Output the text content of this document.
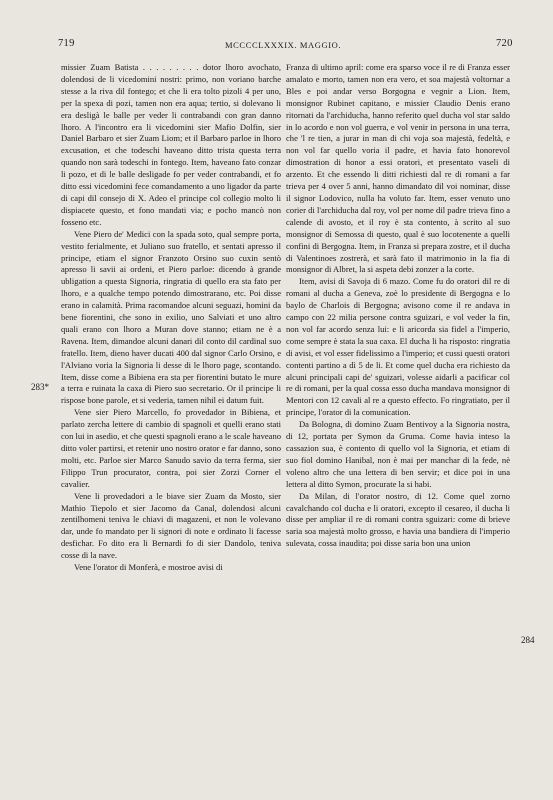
719	MCCCCLXXXIX. MAGGIO.	720
283*
284

missier Zuam Batista . . . . . . . . . dotor lhoro avochato, dolendosi de li vicedomini nostri: primo, non voriano barche stesse a la riva dil fontego; et che li era tolto pizoli 4 per uno, per la spexa di pozi, tamen non era aqua; tertio, si dolevano li era desligà le balle per veder li contrabandi con gran danno lhoro. A l'incontro era li vicedomini sier Mafio Dolfin, sier Daniel Barbaro et sier Zuam Liom; et il Barbaro parloe in lhoro excusation, et che todeschi haveano ditto trista questa terra quando non sarà todeschi in fontego. Item, haveano fato conzar li pozo, et di le balle desligade fo per veder contrabandi, et fo ditto essi vicedomini fece comandamento a uno ligador da parte di capi dil consejo di X. Adeo el principe col collegio molto li dispiacete questo, et fono mandati via; e pocho mancò non fosseno etc.

Vene Piero de' Medici con la spada soto, qual sempre porta, vestito ferialmente, et Juliano suo fratello, et sentati apresso il principe, etiam el signor Franzoto Orsino suo cuxin sentò apresso li savii ai ordeni, et Piero parloe: dicendo à grande ubligation a questa Signoria, ringratia di quello era sta fato per lhoro, e a qualche tempo potendo dimostrarano, etc. Poi disse erano in calamità. Prima racomandoe alcuni seguazi, homini da bene fiorentini, che sono in exilio, uno Salviati et uno altro quali erano con lhoro a Muran dove stanno; etiam ne è a Ravena. Item, dimandoe alcuni danari dil conto dil cardinal suo fratello. Item, dieno haver ducati 400 dal signor Carlo Orsino, e l'Alviano voria la Signoria li desse di le lhoro page, scontando. Item, disse come a Bibiena era sta per fiorentini butato le mure a terra e ruinata la caxa di Piero suo secretario. Or il principe li rispose bone parole, et si vederia, tamen nihil ei datum fuit.

Vene sier Piero Marcello, fo provedador in Bibiena, et parlato zercha lettere di cambio di spagnoli et quelli erano stati con lui in asedio, et che questi spagnoli erano a le scale haveano ditto voler partirsi, et retenir uno nostro orator e far danno, sono molti, etc. Parloe sier Marco Sanudo savio da terra ferma, sier Filippo Trun procurator, contra, poi sier Zorzi Corner el cavalier.

Vene li provedadori a le biave sier Zuam da Mosto, sier Mathio Tiepolo et sier Jacomo da Canal, dolendosi alcuni zentilhomeni teniva le chiavi di magazeni, et non le volevano dar, unde fo mandato per li signori di note e ordinato li facesse desfichar. Fo dito era li Bernardi fo di sier Dandolo, teniva cosse di la nave.

Vene l'orator di Monferà, e mostroe avisi di

Franza di ultimo april: come era sparso voce il re di Franza esser amalato e morto, tamen non era vero, et soa majestà voltornar a Bles e poi andar verso Borgogna e vegnir a Lion. Item, monsignor Rubinet capitano, e missier Claudio Denis erano ritornati da l'archiducha, hanno referito quel ducha vol star saldo in lo acordo e non vol guerra, e vol venir in persona in una terra, che 'l re tien, a jurar in man di chi voja soa majestà, fedeltà, e non vol far quello voria il padre, et havia fato honorevol dimostration di honor a essi oratori, et presentato vaseli di arzento. Et che essendo li ditti richiesti dal re di romani a far trieva per 4 over 5 anni, hanno dimandato dil voi nominar, disse il signor Lodovico, nulla ha voluto far. Item, esser venuto uno corier di l'archiducha dal roy, vol per nome dil padre trieva fino a calende di avosto, et il roy è sta contento, à scrito al suo monsignor di Semossa di questo, qual è suo locotenente a quelli confini di Bergogna. Item, in Franza si prepara zostre, et il ducha di Valentinoes zostrerà, et sarà fato il matrimonio in la fia di monsignor di Albret, la si aspeta debi zonzer a la corte.

Item, avisi di Savoja di 6 mazo. Come fu do oratori dil re di romani al ducha a Geneva, zoè lo presidente di Bergogna e lo baylo de Charlois di Bergogna; avisono come il re andava in campo con 22 milia persone contra sguizari, e vol veder la fin, non vol far acordo senza lui: e li aricorda sia fidel a l'imperio, come sempre è stata la sua caxa. El ducha li ha risposto: ringratia di avisi, et vol esser fidelissimo a l'imperio; et cussi questi oratori contenti partino a dì 5 de li. Et come quel ducha era richiesto da alcuni principali capi de' sguizari, volesse aidarli a pacificar col re di romani, per la qual cossa esso ducha mandava monsignor di Mentori con 12 cavali al re a questo effecto. Fo ringratiato, per il principe, l'orator di la comunication.

Da Bologna, di domino Zuam Bentivoy a la Signoria nostra, di 12, portata per Symon da Gruma. Come havia inteso la cassazion sua, è contento di quello vol la Signoria, et etiam di suo fiol domino Hanibal, non è mai per manchar di la fede, nè voleno altro che una lettera di ben servir; et dice poi in una lettera al ditto Symon, procurate la si habi.

Da Milan, di l'orator nostro, di 12. Come quel zorno cavalchando col ducha e li oratori, excepto il cesareo, il ducha li disse per ampliar il re di romani contra sguizari: come di brieve saria soa majestà molto grosso, e havia una bandiera di l'imperio sulevata, cossa inaudita; poi disse saria bon una union
